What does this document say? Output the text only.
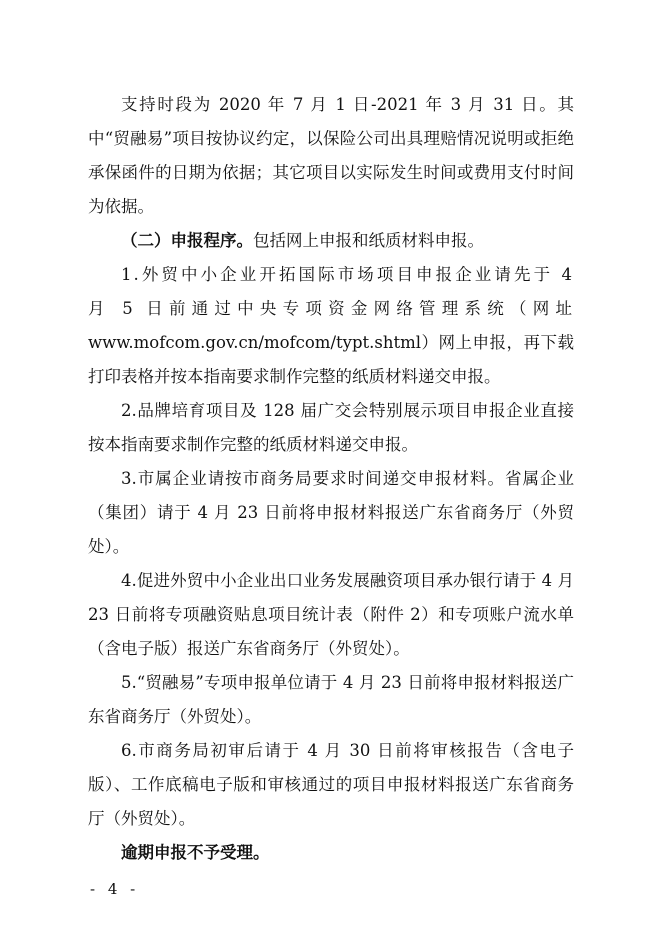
支持时段为 2020 年 7 月 1 日-2021 年 3 月 31 日。其中“贸融易”项目按协议约定，以保险公司出具理赔情况说明或拒绝承保函件的日期为依据；其它项目以实际发生时间或费用支付时间为依据。

（二）申报程序。包括网上申报和纸质材料申报。

1.外贸中小企业开拓国际市场项目申报企业请先于 4 月 5 日前通过中央专项资金网络管理系统（网址www.mofcom.gov.cn/mofcom/typt.shtml）网上申报，再下载打印表格并按本指南要求制作完整的纸质材料递交申报。

2.品牌培育项目及 128 届广交会特别展示项目申报企业直接按本指南要求制作完整的纸质材料递交申报。

3.市属企业请按市商务局要求时间递交申报材料。省属企业（集团）请于 4 月 23 日前将申报材料报送广东省商务厅（外贸处）。

4.促进外贸中小企业出口业务发展融资项目承办银行请于 4 月 23 日前将专项融资贴息项目统计表（附件 2）和专项账户流水单（含电子版）报送广东省商务厅（外贸处）。

5.“贸融易”专项申报单位请于 4 月 23 日前将申报材料报送广东省商务厅（外贸处）。

6.市商务局初审后请于 4 月 30 日前将审核报告（含电子版）、工作底稿电子版和审核通过的项目申报材料报送广东省商务厅（外贸处）。

逾期申报不予受理。

- 4 -
